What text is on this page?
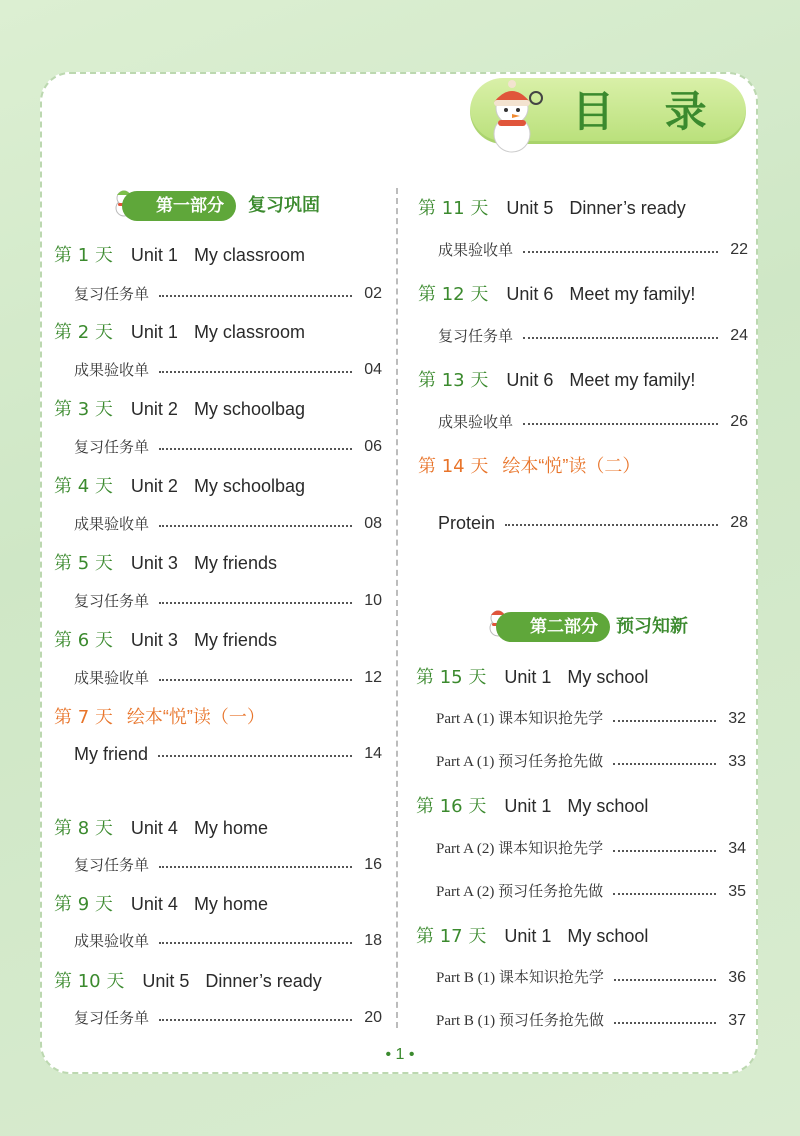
目 录
第一部分	复习巩固
第 1 天 Unit 1 My classroom
复习任务单	02
第 2 天 Unit 1 My classroom
成果验收单	04
第 3 天 Unit 2 My schoolbag
复习任务单	06
第 4 天 Unit 2 My schoolbag
成果验收单	08
第 5 天 Unit 3 My friends
复习任务单	10
第 6 天 Unit 3 My friends
成果验收单	12
第 7 天 绘本“悦”读（一）
My friend	14
第 8 天 Unit 4 My home
复习任务单	16
第 9 天 Unit 4 My home
成果验收单	18
第 10 天 Unit 5 Dinner’s ready
复习任务单	20
第 11 天 Unit 5 Dinner’s ready
成果验收单	22
第 12 天 Unit 6 Meet my family!
复习任务单	24
第 13 天 Unit 6 Meet my family!
成果验收单	26
第 14 天 绘本“悦”读（二）
Protein	28
第二部分	预习知新
第 15 天 Unit 1 My school
Part A (1) 课本知识抢先学	32
Part A (1) 预习任务抢先做	33
第 16 天 Unit 1 My school
Part A (2) 课本知识抢先学	34
Part A (2) 预习任务抢先做	35
第 17 天 Unit 1 My school
Part B (1) 课本知识抢先学	36
Part B (1) 预习任务抢先做	37
• 1 •
